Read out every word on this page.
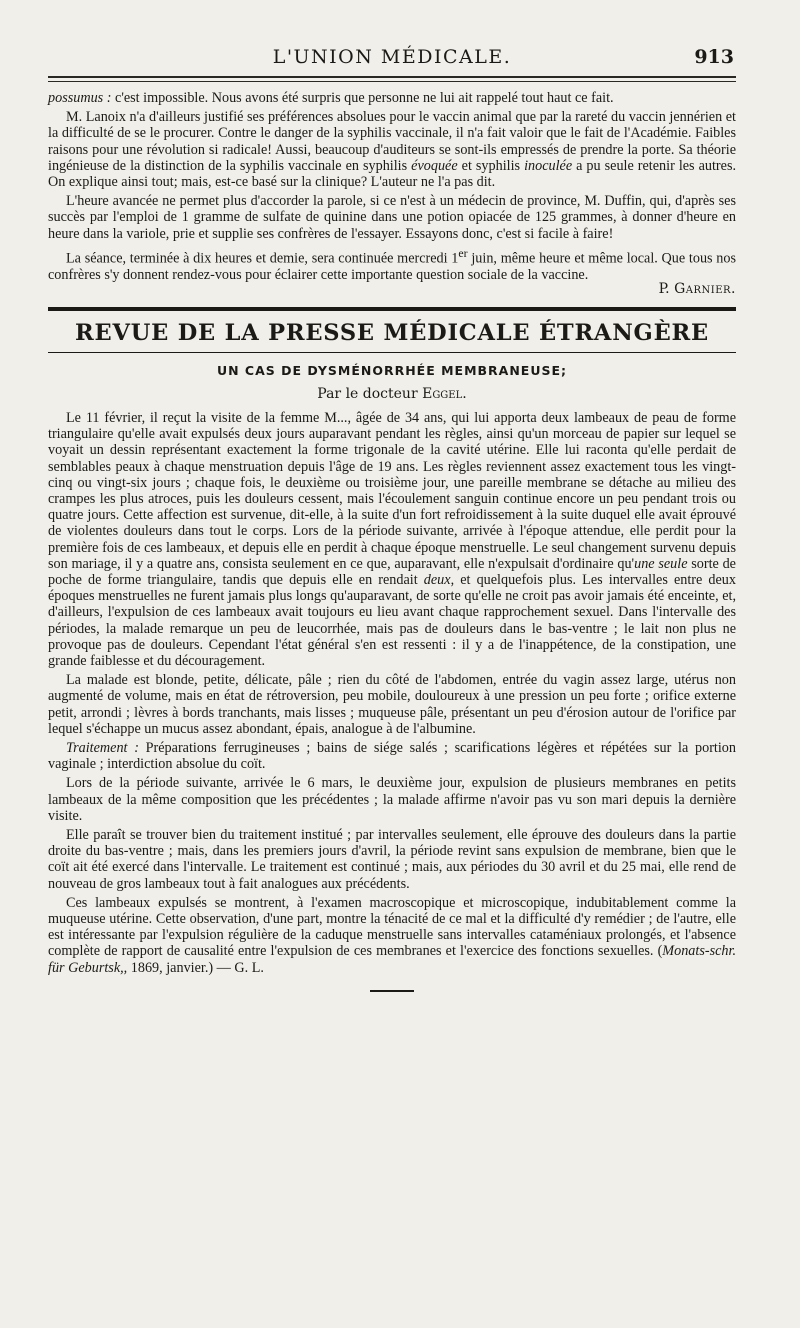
L'UNION MÉDICALE.	913

possumus : c'est impossible. Nous avons été surpris que personne ne lui ait rappelé tout haut ce fait.

M. Lanoix n'a d'ailleurs justifié ses préférences absolues pour le vaccin animal que par la rareté du vaccin jennérien et la difficulté de se le procurer. Contre le danger de la syphilis vaccinale, il n'a fait valoir que le fait de l'Académie. Faibles raisons pour une révolution si radicale! Aussi, beaucoup d'auditeurs se sont-ils empressés de prendre la porte. Sa théorie ingénieuse de la distinction de la syphilis vaccinale en syphilis évoquée et syphilis inoculée a pu seule retenir les autres. On explique ainsi tout; mais, est-ce basé sur la clinique? L'auteur ne l'a pas dit.

L'heure avancée ne permet plus d'accorder la parole, si ce n'est à un médecin de province, M. Duffin, qui, d'après ses succès par l'emploi de 1 gramme de sulfate de quinine dans une potion opiacée de 125 grammes, à donner d'heure en heure dans la variole, prie et supplie ses confrères de l'essayer. Essayons donc, c'est si facile à faire!

La séance, terminée à dix heures et demie, sera continuée mercredi 1er juin, même heure et même local. Que tous nos confrères s'y donnent rendez-vous pour éclairer cette importante question sociale de la vaccine.

P. Garnier.
REVUE DE LA PRESSE MÉDICALE ÉTRANGÈRE
UN CAS DE DYSMÉNORRHÉE MEMBRANEUSE;
Par le docteur Eggel.

Le 11 février, il reçut la visite de la femme M..., âgée de 34 ans, qui lui apporta deux lambeaux de peau de forme triangulaire qu'elle avait expulsés deux jours auparavant pendant les règles, ainsi qu'un morceau de papier sur lequel se voyait un dessin représentant exactement la forme trigonale de la cavité utérine. Elle lui raconta qu'elle perdait de semblables peaux à chaque menstruation depuis l'âge de 19 ans. Les règles reviennent assez exactement tous les vingt-cinq ou vingt-six jours ; chaque fois, le deuxième ou troisième jour, une pareille membrane se détache au milieu des crampes les plus atroces, puis les douleurs cessent, mais l'écoulement sanguin continue encore un peu pendant trois ou quatre jours. Cette affection est survenue, dit-elle, à la suite d'un fort refroidissement à la suite duquel elle avait éprouvé de violentes douleurs dans tout le corps. Lors de la période suivante, arrivée à l'époque attendue, elle perdit pour la première fois de ces lambeaux, et depuis elle en perdit à chaque époque menstruelle. Le seul changement survenu depuis son mariage, il y a quatre ans, consista seulement en ce que, auparavant, elle n'expulsait d'ordinaire qu'une seule sorte de poche de forme triangulaire, tandis que depuis elle en rendait deux, et quelquefois plus. Les intervalles entre deux époques menstruelles ne furent jamais plus longs qu'auparavant, de sorte qu'elle ne croit pas avoir jamais été enceinte, et, d'ailleurs, l'expulsion de ces lambeaux avait toujours eu lieu avant chaque rapprochement sexuel. Dans l'intervalle des périodes, la malade remarque un peu de leucorrhée, mais pas de douleurs dans le bas-ventre ; le lait non plus ne provoque pas de douleurs. Cependant l'état général s'en est ressenti : il y a de l'inappétence, de la constipation, une grande faiblesse et du découragement.

La malade est blonde, petite, délicate, pâle ; rien du côté de l'abdomen, entrée du vagin assez large, utérus non augmenté de volume, mais en état de rétroversion, peu mobile, douloureux à une pression un peu forte ; orifice externe petit, arrondi ; lèvres à bords tranchants, mais lisses ; muqueuse pâle, présentant un peu d'érosion autour de l'orifice par lequel s'échappe un mucus assez abondant, épais, analogue à de l'albumine.

Traitement : Préparations ferrugineuses ; bains de siége salés ; scarifications légères et répétées sur la portion vaginale ; interdiction absolue du coït.

Lors de la période suivante, arrivée le 6 mars, le deuxième jour, expulsion de plusieurs membranes en petits lambeaux de la même composition que les précédentes ; la malade affirme n'avoir pas vu son mari depuis la dernière visite.

Elle paraît se trouver bien du traitement institué ; par intervalles seulement, elle éprouve des douleurs dans la partie droite du bas-ventre ; mais, dans les premiers jours d'avril, la période revint sans expulsion de membrane, bien que le coït ait été exercé dans l'intervalle. Le traitement est continué ; mais, aux périodes du 30 avril et du 25 mai, elle rend de nouveau de gros lambeaux tout à fait analogues aux précédents.

Ces lambeaux expulsés se montrent, à l'examen macroscopique et microscopique, indubitablement comme la muqueuse utérine. Cette observation, d'une part, montre la ténacité de ce mal et la difficulté d'y remédier ; de l'autre, elle est intéressante par l'expulsion régulière de la caduque menstruelle sans intervalles cataméniaux prolongés, et l'absence complète de rapport de causalité entre l'expulsion de ces membranes et l'exercice des fonctions sexuelles. (Monats-schr. für Geburtsk,, 1869, janvier.) — G. L.
